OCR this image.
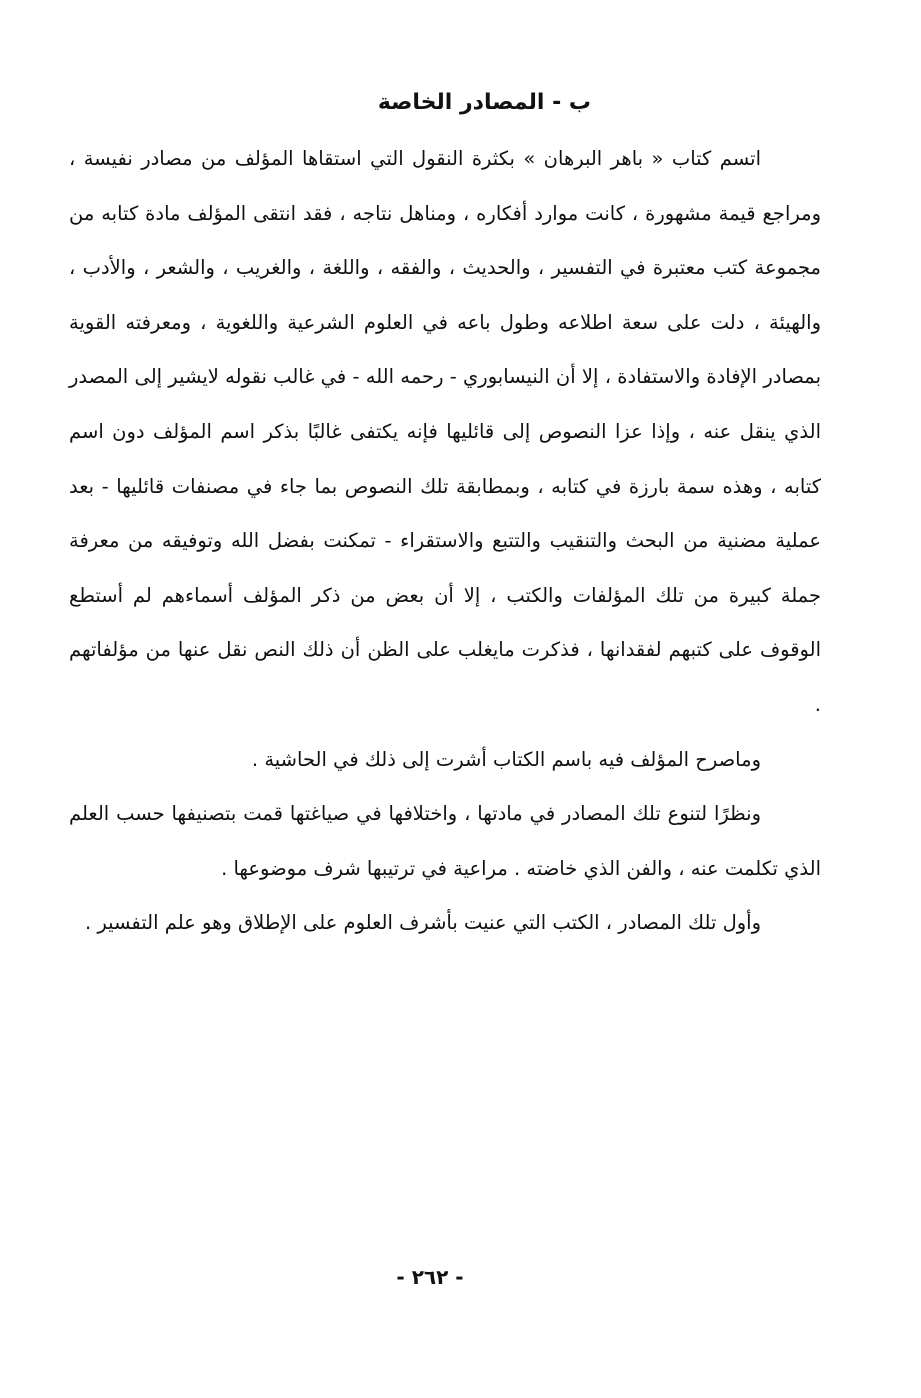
ب - المصادر الخاصة

اتسم كتاب « باهر البرهان » بكثرة النقول التي استقاها المؤلف من مصادر نفيسة ، ومراجع قيمة مشهورة ، كانت موارد أفكاره ، ومناهل نتاجه ، فقد انتقى المؤلف مادة كتابه من مجموعة كتب معتبرة في التفسير ، والحديث ، والفقه ، واللغة ، والغريب ، والشعر ، والأدب ، والهيئة ، دلت على سعة اطلاعه وطول باعه في العلوم الشرعية واللغوية ، ومعرفته القوية بمصادر الإفادة والاستفادة ، إلا أن النيسابوري - رحمه الله - في غالب نقوله لايشير إلى المصدر الذي ينقل عنه ، وإذا عزا النصوص إلى قائليها فإنه يكتفى غالبًا بذكر اسم المؤلف دون اسم كتابه ، وهذه سمة بارزة في كتابه ، وبمطابقة تلك النصوص بما جاء في مصنفات قائليها - بعد عملية مضنية من البحث والتنقيب والتتبع والاستقراء - تمكنت بفضل الله وتوفيقه من معرفة جملة كبيرة من تلك المؤلفات والكتب ، إلا أن بعض من ذكر المؤلف أسماءهم لم أستطع الوقوف على كتبهم لفقدانها ، فذكرت مايغلب على الظن أن ذلك النص نقل عنها من مؤلفاتهم .

وماصرح المؤلف فيه باسم الكتاب أشرت إلى ذلك في الحاشية .

ونظرًا لتنوع تلك المصادر في مادتها ، واختلافها في صياغتها قمت بتصنيفها حسب العلم الذي تكلمت عنه ، والفن الذي خاضته . مراعية في ترتيبها شرف موضوعها .

وأول تلك المصادر ، الكتب التي عنيت بأشرف العلوم على الإطلاق وهو علم التفسير .

- ٢٦٢ -
